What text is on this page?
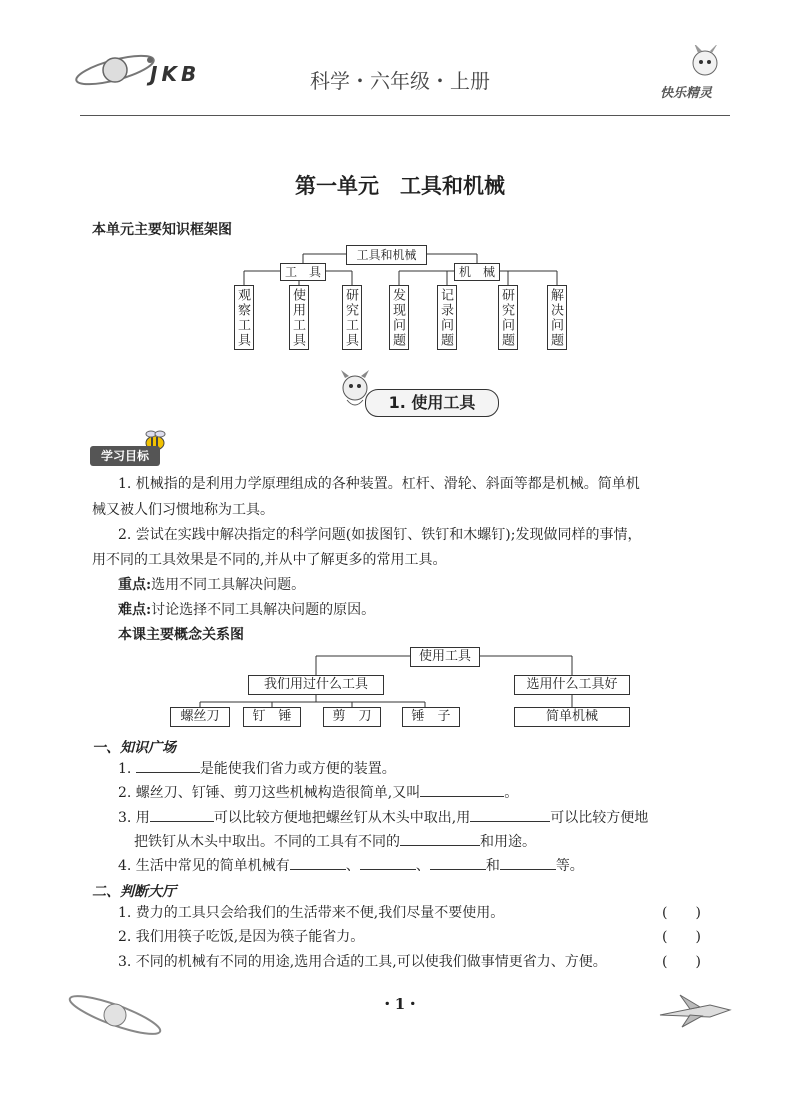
JKB	科学・六年级・上册
快乐精灵
第一单元　工具和机械
本单元主要知识框架图
工具和机械
工　具	机　械
观察工具	使用工具	研究工具	发现问题	记录问题	研究问题	解决问题
1. 使用工具
学习目标
1. 机械指的是利用力学原理组成的各种装置。杠杆、滑轮、斜面等都是机械。简单机
械又被人们习惯地称为工具。
2. 尝试在实践中解决指定的科学问题(如拔图钉、铁钉和木螺钉);发现做同样的事情，
用不同的工具效果是不同的,并从中了解更多的常用工具。
重点:选用不同工具解决问题。
难点:讨论选择不同工具解决问题的原因。
本课主要概念关系图
使用工具
我们用过什么工具	选用什么工具好
螺丝刀	钉　锤	剪　刀	锤　子	简单机械
一、知识广场
1.	是能使我们省力或方便的装置。
2. 螺丝刀、钉锤、剪刀这些机械构造很简单,又叫	。
3. 用	可以比较方便地把螺丝钉从木头中取出,用	可以比较方便地
把铁钉从木头中取出。不同的工具有不同的	和用途。
4. 生活中常见的简单机械有	、	、	和	等。
二、判断大厅
1. 费力的工具只会给我们的生活带来不便,我们尽量不要使用。	(　　)
2. 我们用筷子吃饭,是因为筷子能省力。	(　　)
3. 不同的机械有不同的用途,选用合适的工具,可以使我们做事情更省力、方便。	(　　)
・1・
